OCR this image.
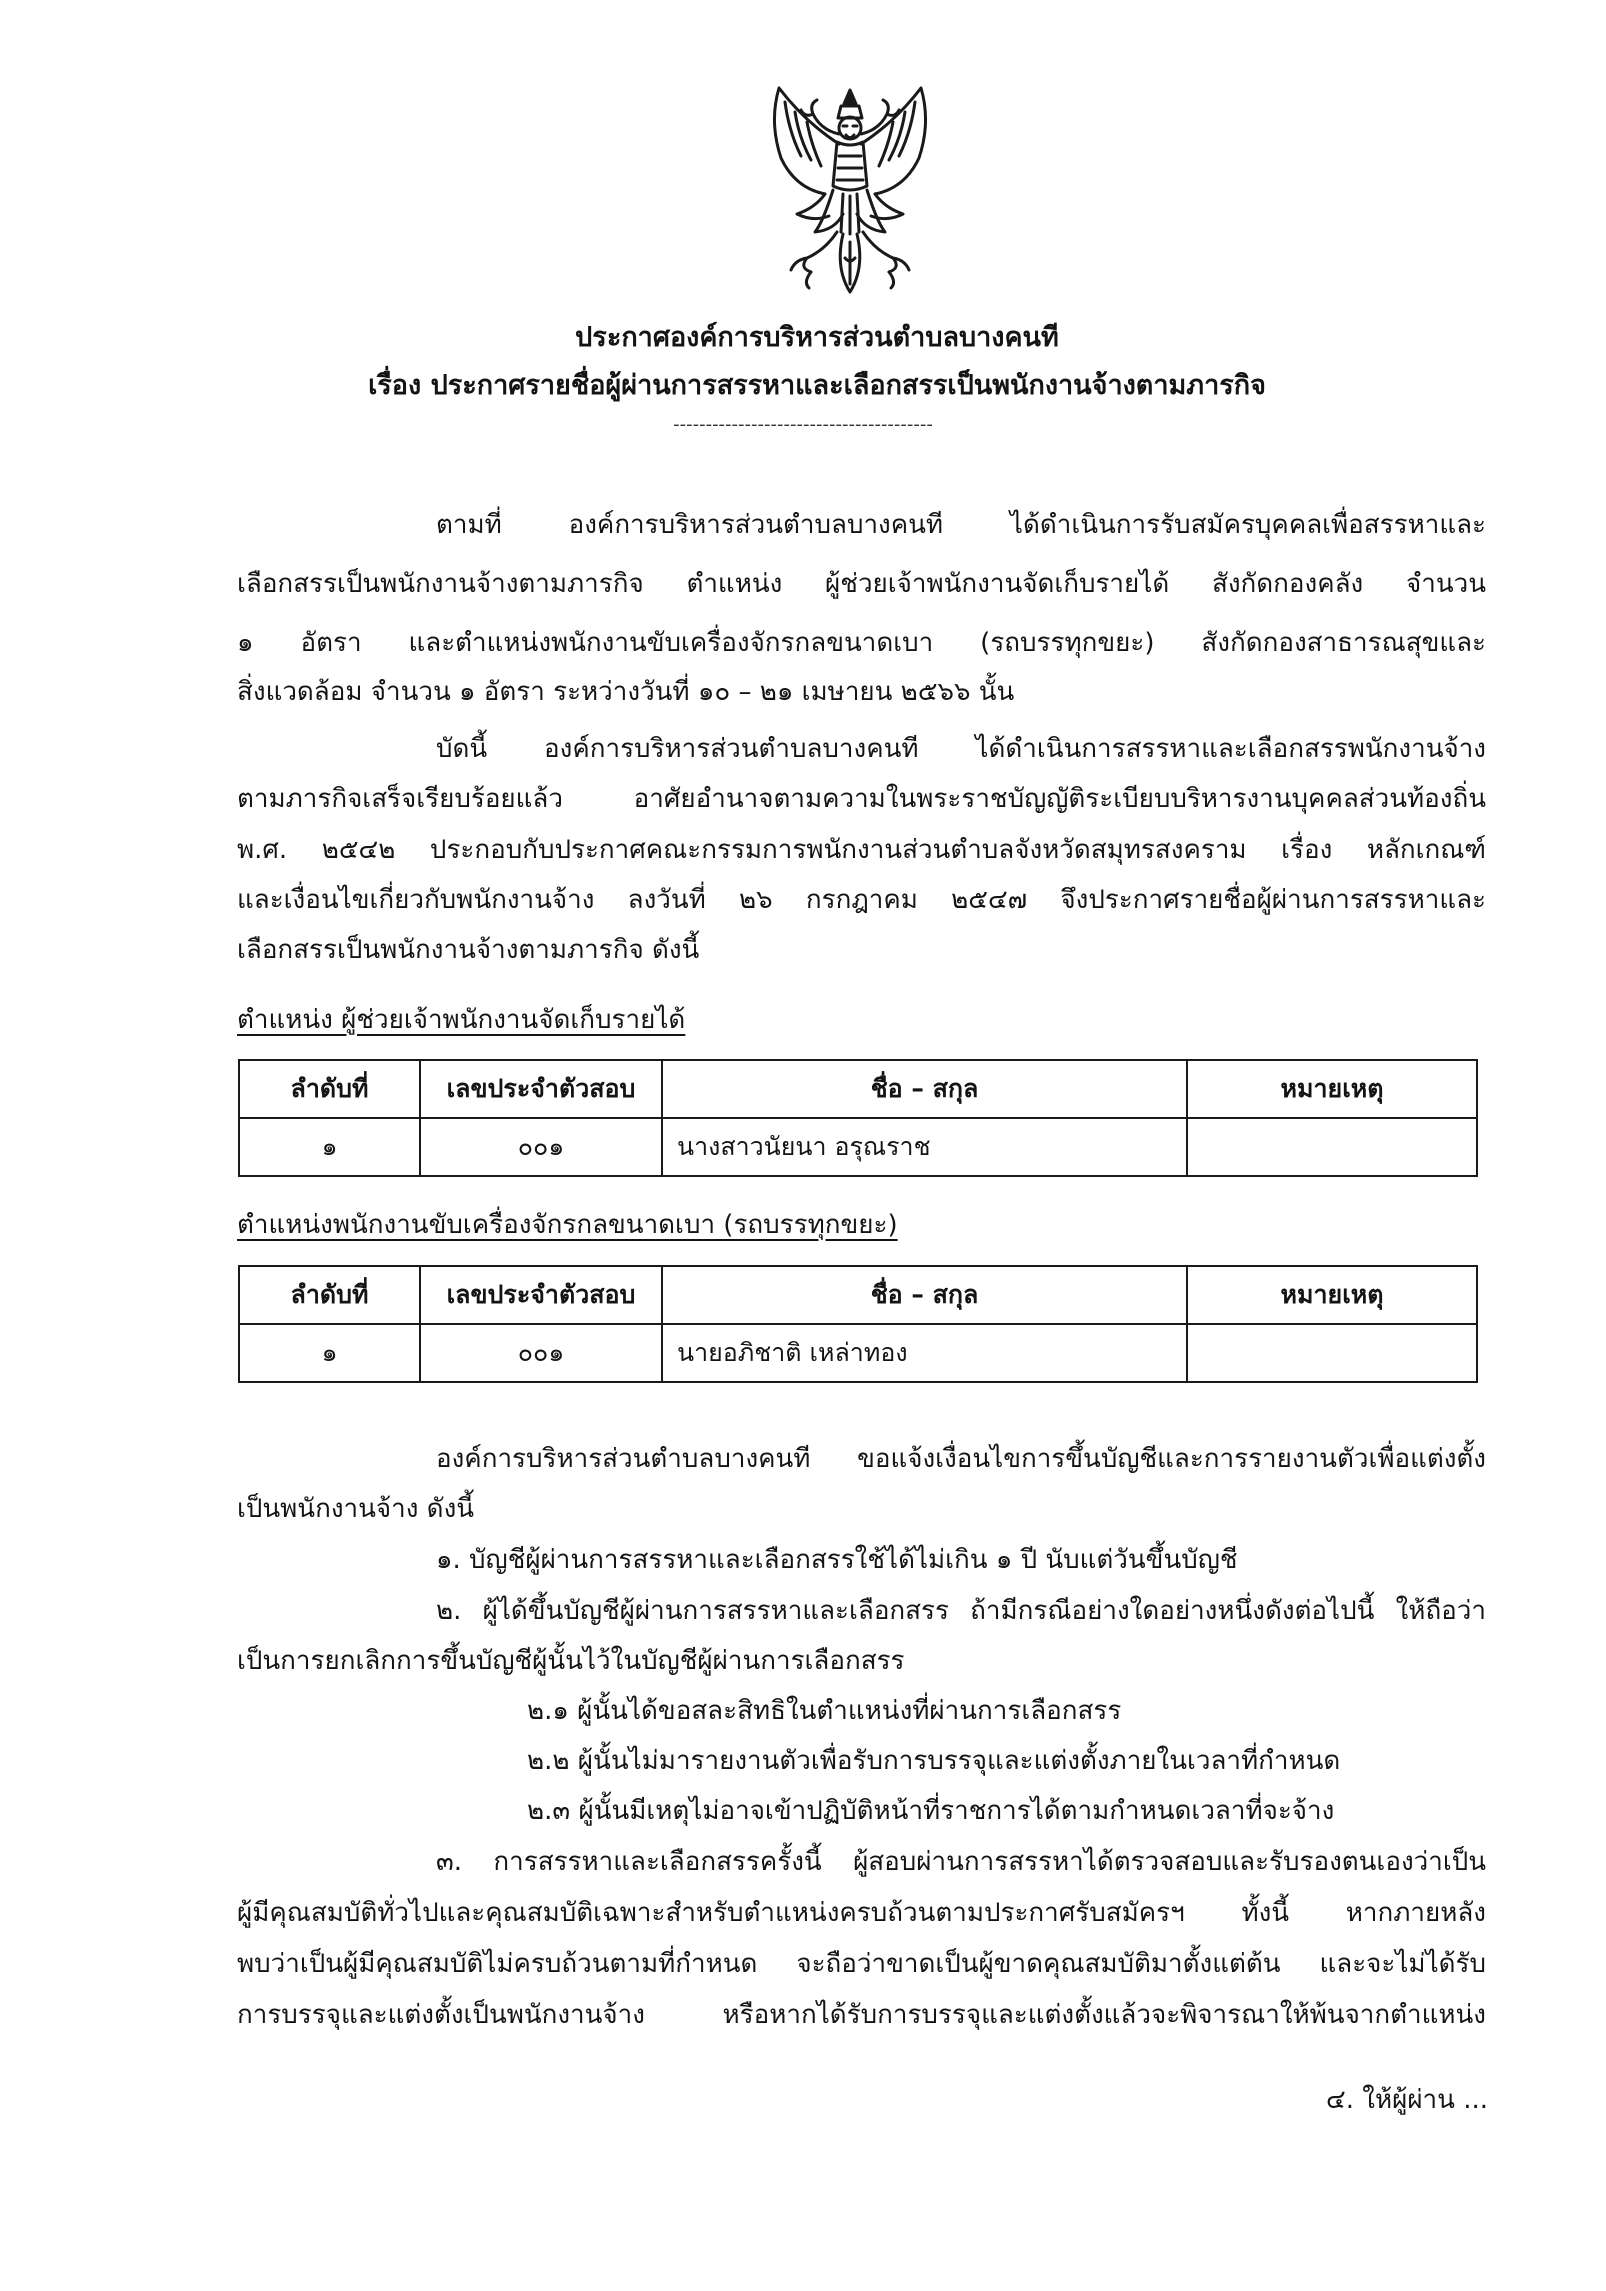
ประกาศองค์การบริหารส่วนตำบลบางคนที
เรื่อง ประกาศรายชื่อผู้ผ่านการสรรหาและเลือกสรรเป็นพนักงานจ้างตามภารกิจ
----------------------------------------
ตามที่ องค์การบริหารส่วนตำบลบางคนที ได้ดำเนินการรับสมัครบุคคลเพื่อสรรหาและ
เลือกสรรเป็นพนักงานจ้างตามภารกิจ ตำแหน่ง ผู้ช่วยเจ้าพนักงานจัดเก็บรายได้ สังกัดกองคลัง จำนวน
๑ อัตรา และตำแหน่งพนักงานขับเครื่องจักรกลขนาดเบา (รถบรรทุกขยะ) สังกัดกองสาธารณสุขและ
สิ่งแวดล้อม จำนวน ๑ อัตรา ระหว่างวันที่ ๑๐ – ๒๑ เมษายน ๒๕๖๖ นั้น
บัดนี้ องค์การบริหารส่วนตำบลบางคนที ได้ดำเนินการสรรหาและเลือกสรรพนักงานจ้าง
ตามภารกิจเสร็จเรียบร้อยแล้ว อาศัยอำนาจตามความในพระราชบัญญัติระเบียบบริหารงานบุคคลส่วนท้องถิ่น
พ.ศ. ๒๕๔๒ ประกอบกับประกาศคณะกรรมการพนักงานส่วนตำบลจังหวัดสมุทรสงคราม เรื่อง หลักเกณฑ์
และเงื่อนไขเกี่ยวกับพนักงานจ้าง ลงวันที่ ๒๖ กรกฎาคม ๒๕๔๗ จึงประกาศรายชื่อผู้ผ่านการสรรหาและ
เลือกสรรเป็นพนักงานจ้างตามภารกิจ ดังนี้
ตำแหน่ง ผู้ช่วยเจ้าพนักงานจัดเก็บรายได้
ลำดับที่	เลขประจำตัวสอบ	ชื่อ – สกุล	หมายเหตุ
๑	๐๐๑	นางสาวนัยนา อรุณราช	
ตำแหน่งพนักงานขับเครื่องจักรกลขนาดเบา (รถบรรทุกขยะ)
ลำดับที่	เลขประจำตัวสอบ	ชื่อ – สกุล	หมายเหตุ
๑	๐๐๑	นายอภิชาติ เหล่าทอง	
องค์การบริหารส่วนตำบลบางคนที ขอแจ้งเงื่อนไขการขึ้นบัญชีและการรายงานตัวเพื่อแต่งตั้ง
เป็นพนักงานจ้าง ดังนี้
๑. บัญชีผู้ผ่านการสรรหาและเลือกสรรใช้ได้ไม่เกิน ๑ ปี นับแต่วันขึ้นบัญชี
๒. ผู้ได้ขึ้นบัญชีผู้ผ่านการสรรหาและเลือกสรร ถ้ามีกรณีอย่างใดอย่างหนึ่งดังต่อไปนี้ ให้ถือว่า
เป็นการยกเลิกการขึ้นบัญชีผู้นั้นไว้ในบัญชีผู้ผ่านการเลือกสรร
๒.๑ ผู้นั้นได้ขอสละสิทธิในตำแหน่งที่ผ่านการเลือกสรร
๒.๒ ผู้นั้นไม่มารายงานตัวเพื่อรับการบรรจุและแต่งตั้งภายในเวลาที่กำหนด
๒.๓ ผู้นั้นมีเหตุไม่อาจเข้าปฏิบัติหน้าที่ราชการได้ตามกำหนดเวลาที่จะจ้าง
๓. การสรรหาและเลือกสรรครั้งนี้ ผู้สอบผ่านการสรรหาได้ตรวจสอบและรับรองตนเองว่าเป็น
ผู้มีคุณสมบัติทั่วไปและคุณสมบัติเฉพาะสำหรับตำแหน่งครบถ้วนตามประกาศรับสมัครฯ ทั้งนี้ หากภายหลัง
พบว่าเป็นผู้มีคุณสมบัติไม่ครบถ้วนตามที่กำหนด จะถือว่าขาดเป็นผู้ขาดคุณสมบัติมาตั้งแต่ต้น และจะไม่ได้รับ
การบรรจุและแต่งตั้งเป็นพนักงานจ้าง หรือหากได้รับการบรรจุและแต่งตั้งแล้วจะพิจารณาให้พ้นจากตำแหน่ง
๔. ให้ผู้ผ่าน ...
